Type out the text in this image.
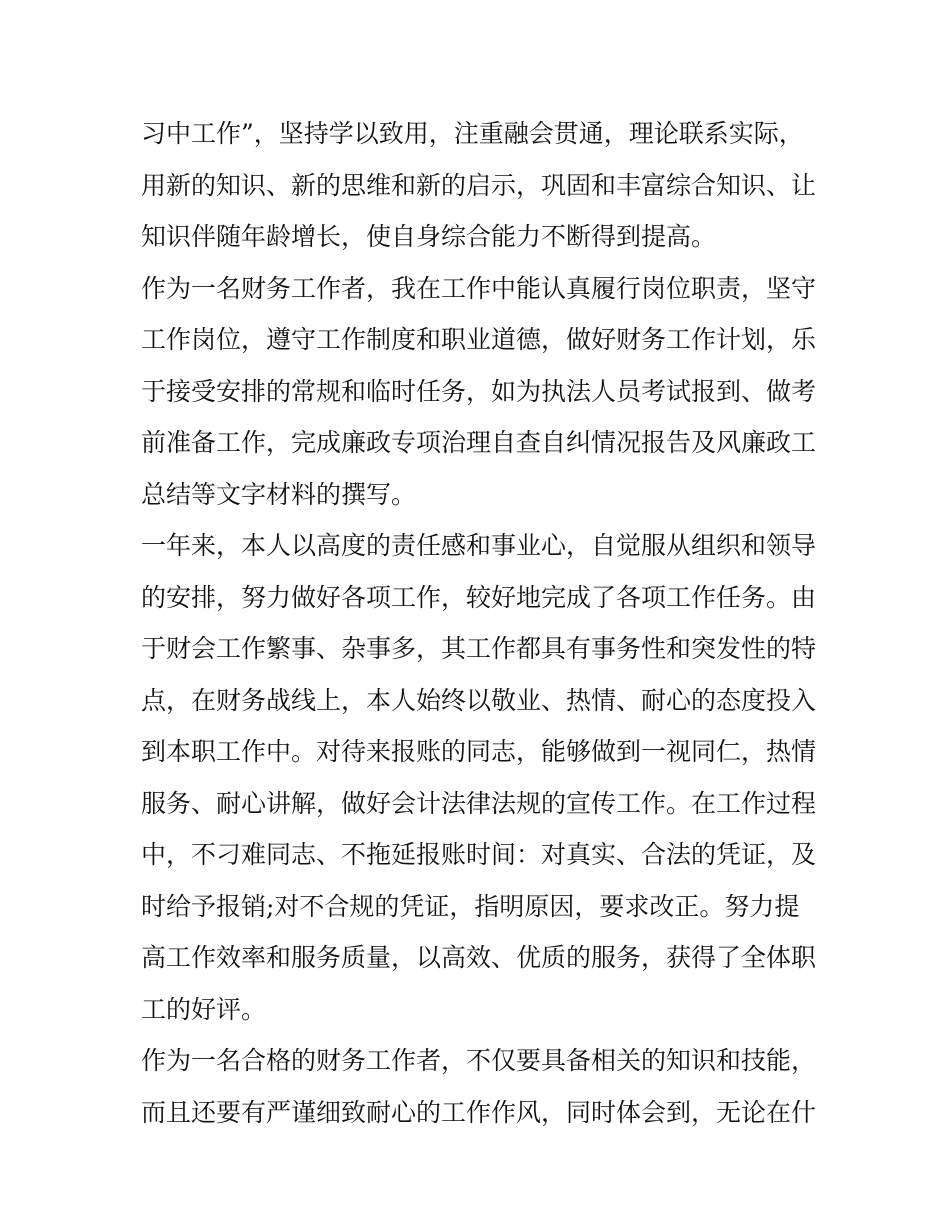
习中工作”，坚持学以致用，注重融会贯通，理论联系实际，
用新的知识、新的思维和新的启示，巩固和丰富综合知识、让
知识伴随年龄增长，使自身综合能力不断得到提高。
作为一名财务工作者，我在工作中能认真履行岗位职责，坚守
工作岗位，遵守工作制度和职业道德，做好财务工作计划，乐
于接受安排的常规和临时任务，如为执法人员考试报到、做考
前准备工作，完成廉政专项治理自查自纠情况报告及风廉政工
总结等文字材料的撰写。
一年来，本人以高度的责任感和事业心，自觉服从组织和领导
的安排，努力做好各项工作，较好地完成了各项工作任务。由
于财会工作繁事、杂事多，其工作都具有事务性和突发性的特
点，在财务战线上，本人始终以敬业、热情、耐心的态度投入
到本职工作中。对待来报账的同志，能够做到一视同仁，热情
服务、耐心讲解，做好会计法律法规的宣传工作。在工作过程
中，不刁难同志、不拖延报账时间：对真实、合法的凭证，及
时给予报销;对不合规的凭证，指明原因，要求改正。努力提
高工作效率和服务质量，以高效、优质的服务，获得了全体职
工的好评。
作为一名合格的财务工作者，不仅要具备相关的知识和技能，
而且还要有严谨细致耐心的工作作风，同时体会到，无论在什
